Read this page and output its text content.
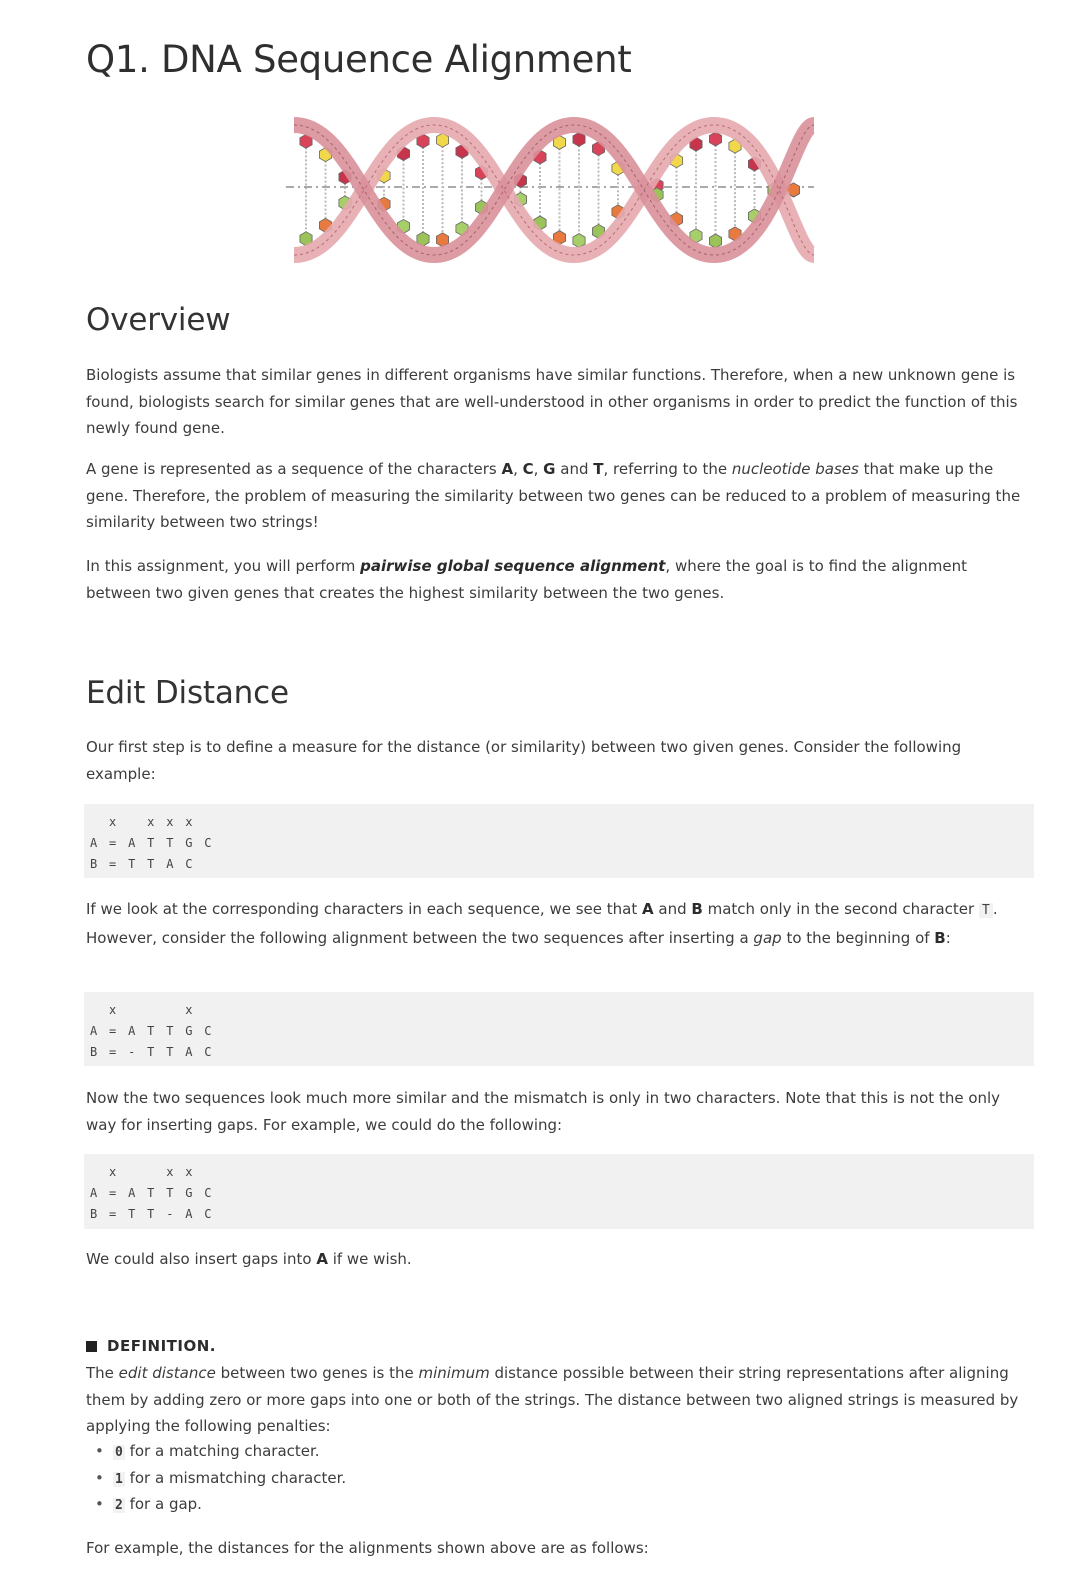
Q1. DNA Sequence Alignment
Overview

Biologists assume that similar genes in different organisms have similar functions. Therefore, when a new unknown gene is found, biologists search for similar genes that are well-understood in other organisms in order to predict the function of this newly found gene.

A gene is represented as a sequence of the characters A, C, G and T, referring to the nucleotide bases that make up the gene. Therefore, the problem of measuring the similarity between two genes can be reduced to a problem of measuring the similarity between two strings!

In this assignment, you will perform pairwise global sequence alignment, where the goal is to find the alignment between two given genes that creates the highest similarity between the two genes.

Edit Distance

Our first step is to define a measure for the distance (or similarity) between two given genes. Consider the following example:

x   x x x
A = A T T G C
B = T T A C

If we look at the corresponding characters in each sequence, we see that A and B match only in the second character T . However, consider the following alignment between the two sequences after inserting a gap to the beginning of B:

x       x
A = A T T G C
B = - T T A C

Now the two sequences look much more similar and the mismatch is only in two characters. Note that this is not the only way for inserting gaps. For example, we could do the following:

x     x x
A = A T T G C
B = T T - A C

We could also insert gaps into A if we wish.

DEFINITION.

The edit distance between two genes is the minimum distance possible between their string representations after aligning them by adding zero or more gaps into one or both of the strings. The distance between two aligned strings is measured by applying the following penalties:

• 0 for a matching character.
• 1 for a mismatching character.
• 2 for a gap.

For example, the distances for the alignments shown above are as follows:
